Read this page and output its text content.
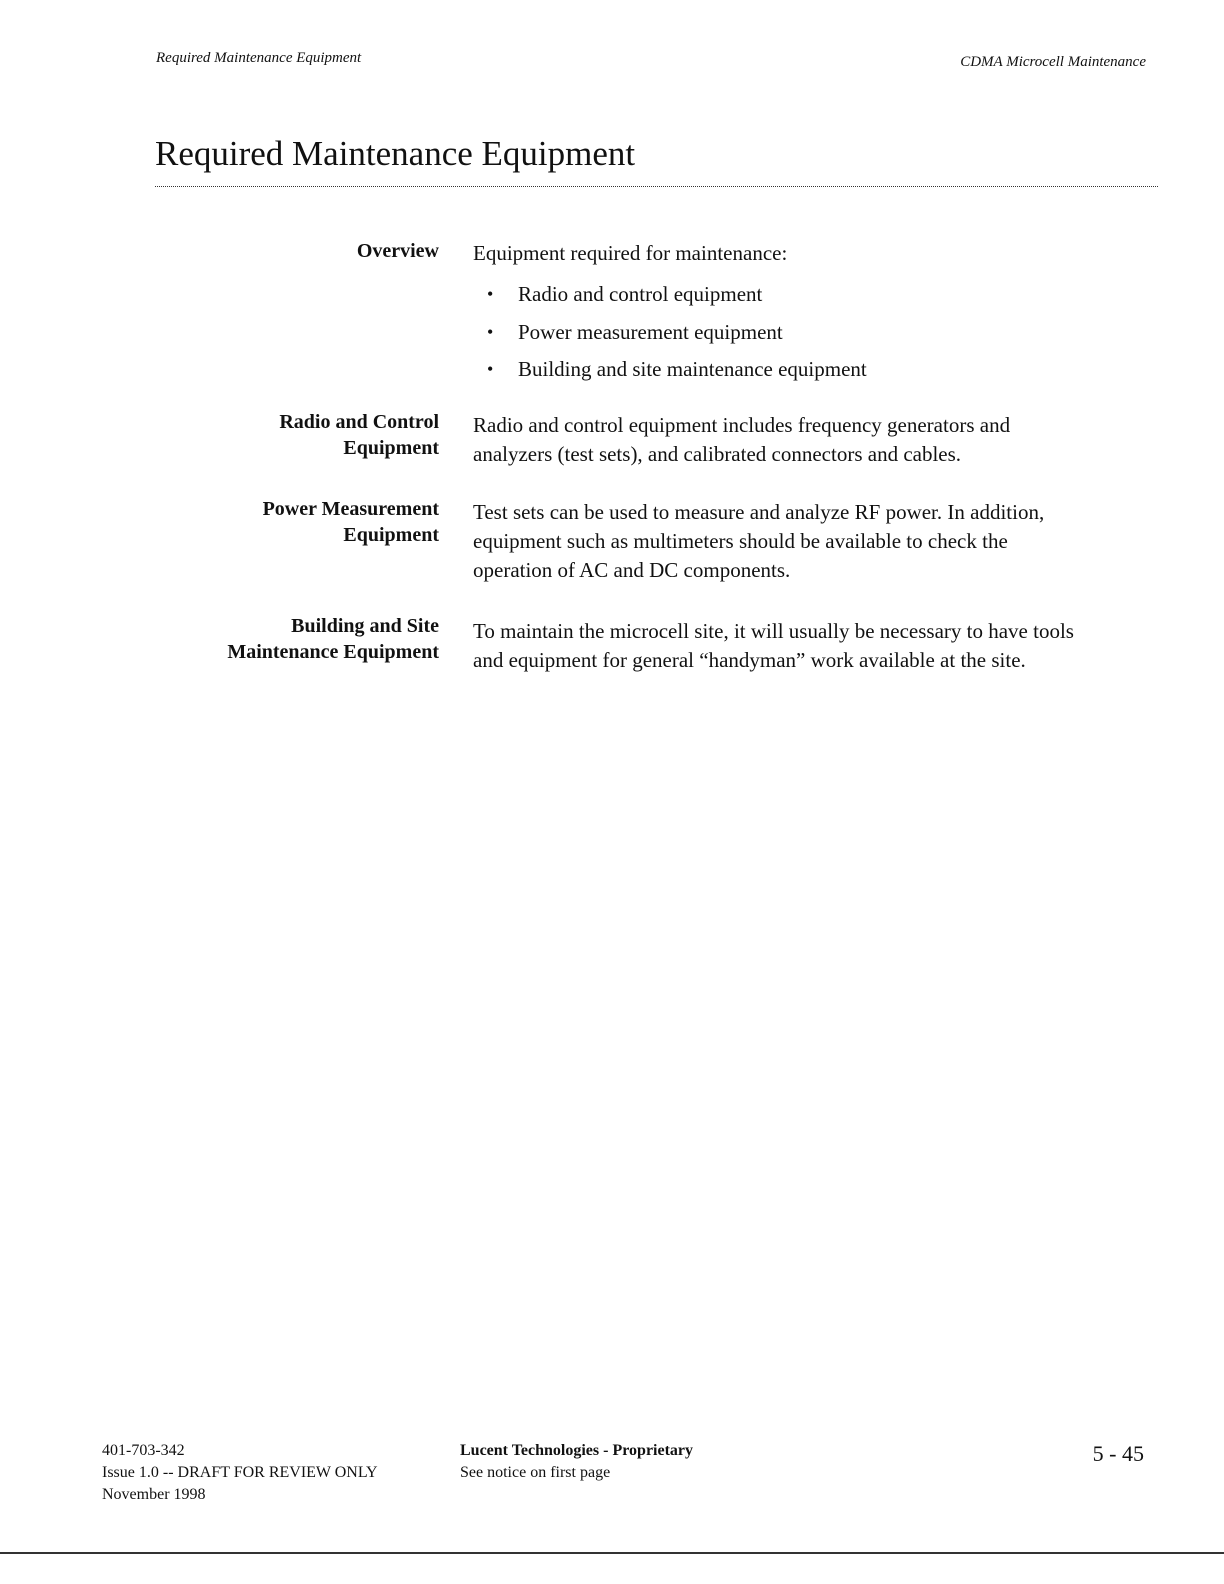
Required Maintenance Equipment	CDMA Microcell Maintenance
Required Maintenance Equipment
Overview Equipment required for maintenance:
• Radio and control equipment
• Power measurement equipment
• Building and site maintenance equipment
Radio and Control
Equipment
Radio and control equipment includes frequency generators and
analyzers (test sets), and calibrated connectors and cables.
Power Measurement
Equipment
Test sets can be used to measure and analyze RF power. In addition,
equipment such as multimeters should be available to check the
operation of AC and DC components.
Building and Site
Maintenance Equipment
To maintain the microcell site, it will usually be necessary to have tools
and equipment for general “handyman” work available at the site.
401-703-342
Issue 1.0 -- DRAFT FOR REVIEW ONLY
November 1998
Lucent Technologies - Proprietary
See notice on first page
5 - 45
